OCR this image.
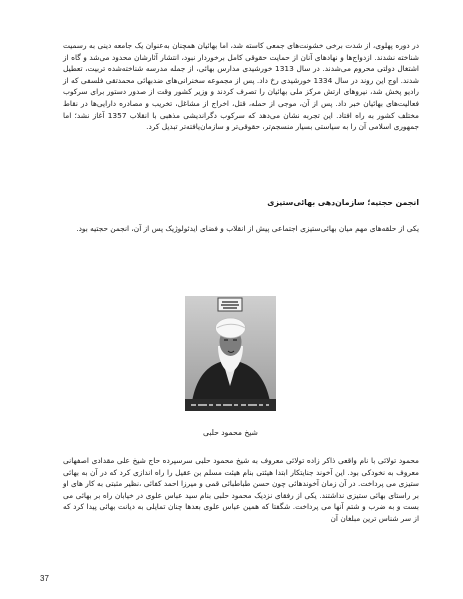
در دوره پهلوی، از شدت برخی خشونت‌های جمعی کاسته شد، اما بهائیان همچنان به‌عنوان یک جامعه دینی به رسمیت شناخته نشدند. ازدواج‌ها و نهادهای آنان از حمایت حقوقی کامل برخوردار نبود، انتشار آثارشان محدود می‌شد و گاه از اشتغال دولتی محروم می‌شدند. در سال 1313 خورشیدی مدارس بهائی، از جمله مدرسه شناخته‌شده تربیت، تعطیل شدند. اوج این روند در سال 1334 خورشیدی رخ داد. پس از مجموعه سخنرانی‌های ضدبهائی محمدتقی فلسفی که از رادیو پخش شد، نیروهای ارتش مرکز ملی بهائیان را تصرف کردند و وزیر کشور وقت از صدور دستور برای سرکوب فعالیت‌های بهائیان خبر داد. پس از آن، موجی از حمله، قتل، اخراج از مشاغل، تخریب و مصادره دارایی‌ها در نقاط مختلف کشور به راه افتاد. این تجربه نشان می‌دهد که سرکوب دگراندیشی مذهبی با انقلاب 1357 آغاز نشد؛ اما جمهوری اسلامی آن را به سیاستی بسیار منسجم‌تر، حقوقی‌تر و سازمان‌یافته‌تر تبدیل کرد.

انجمن حجتیه؛ سازمان‌دهی بهائی‌ستیزی

یکی از حلقه‌های مهم میان بهائی‌ستیزی اجتماعی پیش از انقلاب و فضای ایدئولوژیک پس از آن، انجمن حجتیه بود.

شیخ محمود حلبی

محمود تولائی با نام واقعی ذاکر زاده تولائی معروف به شیخ محمود حلبی سرسپرده حاج شیخ علی مقدادی اصفهانی معروف به نخودکی بود. این آخوند جنایتکار ابتدا هیئتی بنام هیئت مسلم بن عقیل را راه اندازی کرد که در آن به بهائی ستیزی می پرداخت. در آن زمان آخوندهائی چون حسن طباطبائی قمی و میرزا احمد کفائی ،نظیر مثبتی به کار های او بر راستای بهائی ستیزی نداشتند. یکی از رفقای نزدیک محمود حلبی بنام سید عباس علوی در خیابان راه بر بهائی می بست و به ضرب و شتم آنها می پرداخت. شگفتا که همین عباس علوی بعدها چنان تمایلی به دیانت بهائی پیدا کرد که از سر شناس ترین مبلغان آن

37
